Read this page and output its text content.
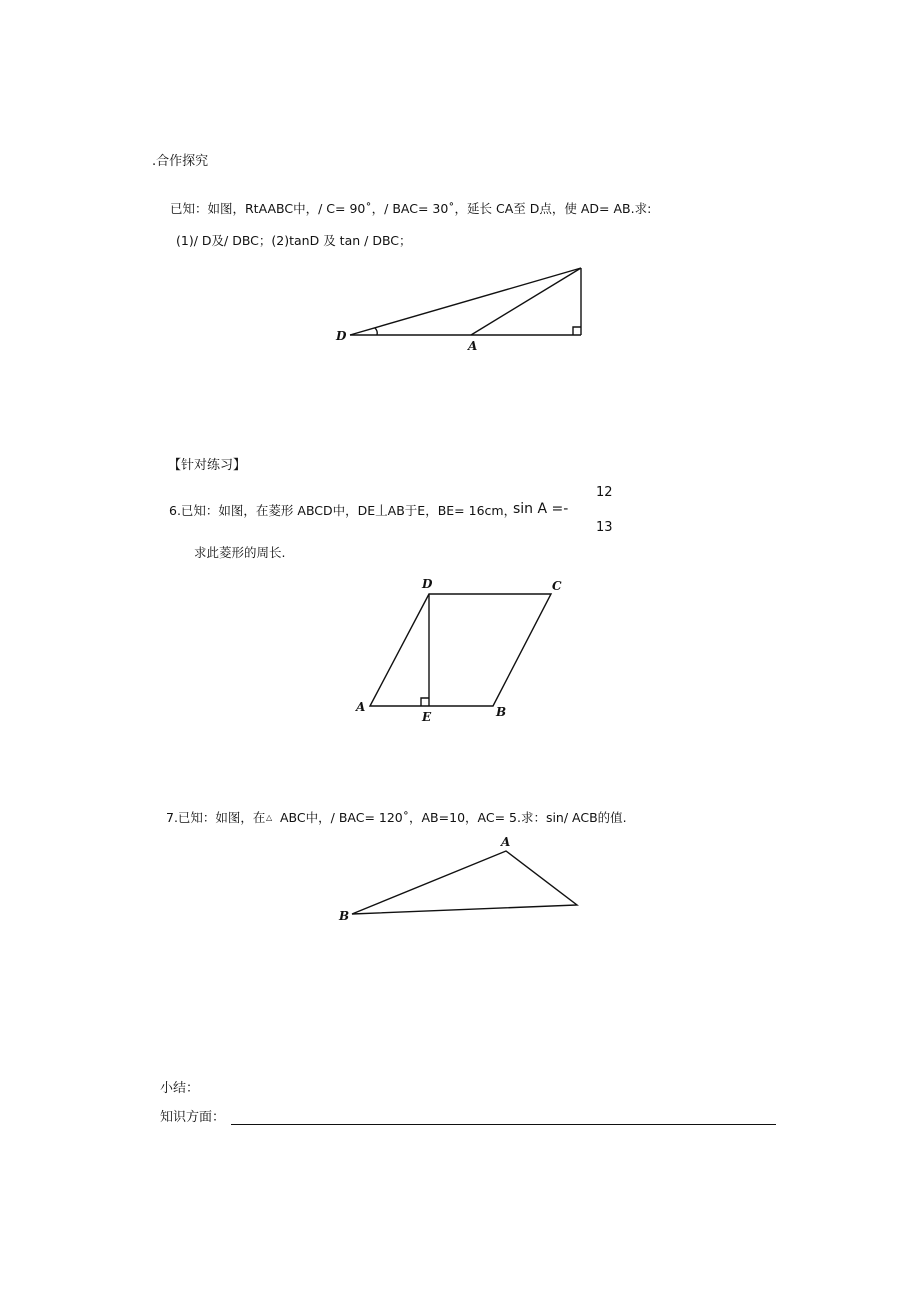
.合作探究
已知：如图，RtAABC中，/ C= 90˚，/ BAC= 30˚，延长 CA至 D点，使 AD= AB.求:
(1)/ D及/ DBC；(2)tanD 及 tan / DBC；
D
A
【针对练习】
12
6.已知：如图，在菱形 ABCD中，DE丄AB于E，BE= 16cm，
sin A =-
13
求此菱形的周长.
D	C
A	B
E
7.已知：如图，在 △ ABC中，/ BAC= 120˚，AB=10，AC= 5.求：sin/ ACB的值.
A
B
小结：
知识方面：
